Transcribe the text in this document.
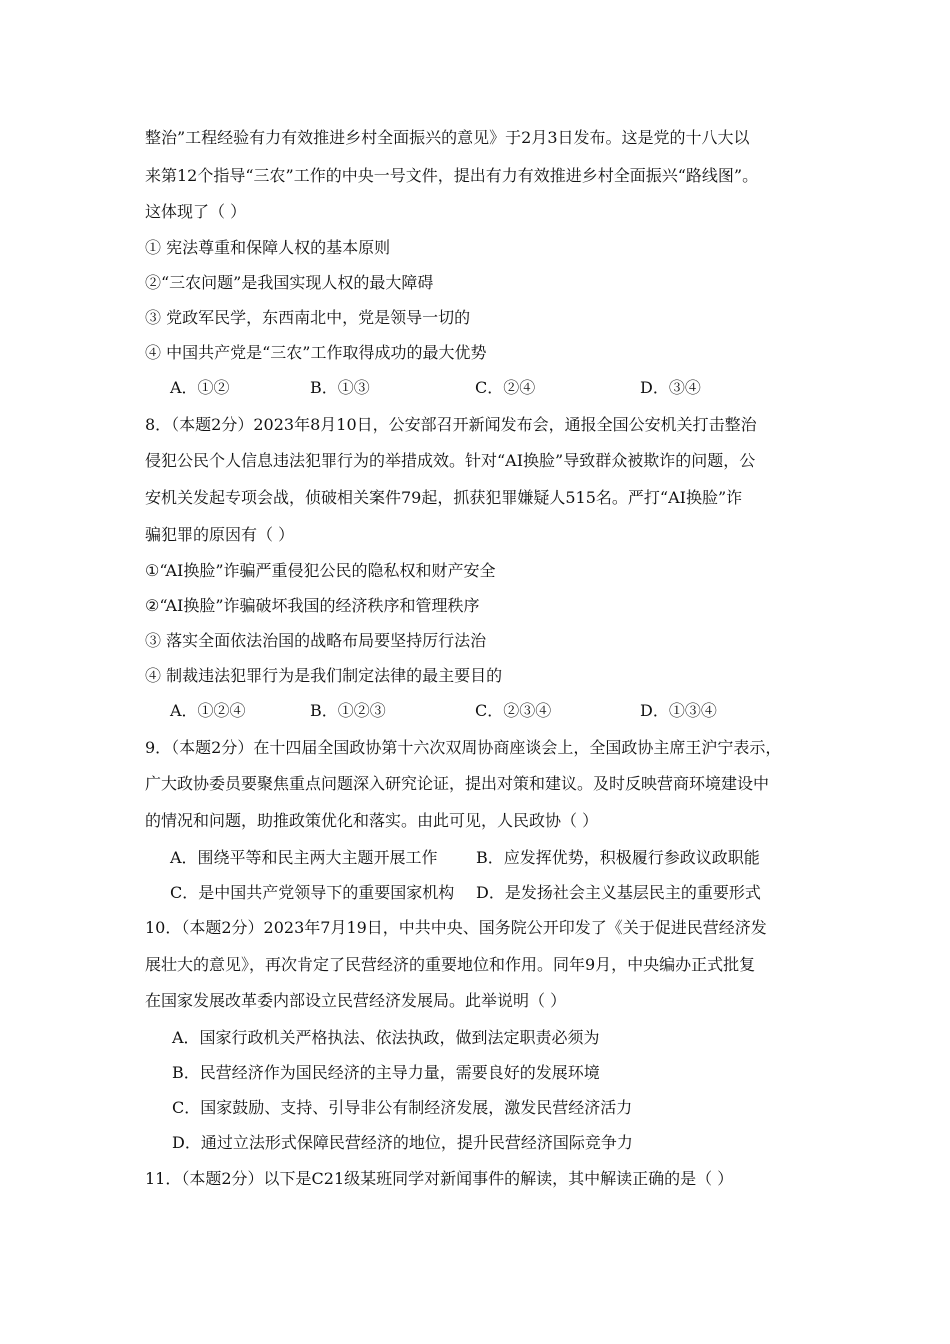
整治”工程经验有力有效推进乡村全面振兴的意见》于2月3日发布。这是党的十八大以
来第12个指导“三农”工作的中央一号文件，提出有力有效推进乡村全面振兴“路线图”。
这体现了（ ）
① 宪法尊重和保障人权的基本原则
②“三农问题”是我国实现人权的最大障碍
③ 党政军民学，东西南北中，党是领导一切的
④ 中国共产党是“三农”工作取得成功的最大优势
A．①②	B．①③	C．②④	D．③④
8．（本题2分）2023年8月10日，公安部召开新闻发布会，通报全国公安机关打击整治
侵犯公民个人信息违法犯罪行为的举措成效。针对“AI换脸”导致群众被欺诈的问题，公
安机关发起专项会战，侦破相关案件79起，抓获犯罪嫌疑人515名。严打“AI换脸”诈
骗犯罪的原因有（ ）
①“AI换脸”诈骗严重侵犯公民的隐私权和财产安全
②“AI换脸”诈骗破坏我国的经济秩序和管理秩序
③ 落实全面依法治国的战略布局要坚持厉行法治
④ 制裁违法犯罪行为是我们制定法律的最主要目的
A．①②④	B．①②③	C．②③④	D．①③④
9．（本题2分）在十四届全国政协第十六次双周协商座谈会上，全国政协主席王沪宁表示，
广大政协委员要聚焦重点问题深入研究论证，提出对策和建议。及时反映营商环境建设中
的情况和问题，助推政策优化和落实。由此可见，人民政协（ ）
A．围绕平等和民主两大主题开展工作 B．应发挥优势，积极履行参政议政职能
C．是中国共产党领导下的重要国家机构 D．是发扬社会主义基层民主的重要形式
10．（本题2分）2023年7月19日，中共中央、国务院公开印发了《关于促进民营经济发
展壮大的意见》，再次肯定了民营经济的重要地位和作用。同年9月，中央编办正式批复
在国家发展改革委内部设立民营经济发展局。此举说明（ ）
A．国家行政机关严格执法、依法执政，做到法定职责必须为
B．民营经济作为国民经济的主导力量，需要良好的发展环境
C．国家鼓励、支持、引导非公有制经济发展，激发民营经济活力
D．通过立法形式保障民营经济的地位，提升民营经济国际竞争力
11．（本题2分）以下是C21级某班同学对新闻事件的解读，其中解读正确的是（ ）
